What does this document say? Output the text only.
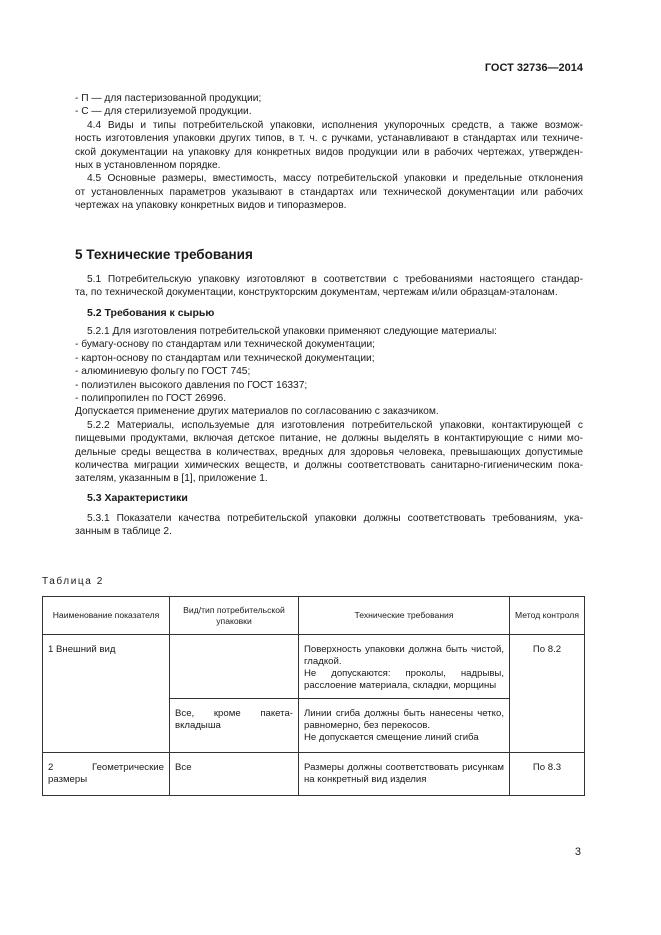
ГОСТ 32736—2014
- П — для пастеризованной продукции;
- С — для стерилизуемой продукции.
4.4 Виды и типы потребительской упаковки, исполнения укупорочных средств, а также возмож-
ность изготовления упаковки других типов, в т. ч. с ручками, устанавливают в стандартах или техниче-
ской документации на упаковку для конкретных видов продукции или в рабочих чертежах, утвержден-
ных в установленном порядке.
4.5 Основные размеры, вместимость, массу потребительской упаковки и предельные отклонения
от установленных параметров указывают в стандартах или технической документации или рабочих
чертежах на упаковку конкретных видов и типоразмеров.
5 Технические требования
5.1 Потребительскую упаковку изготовляют в соответствии с требованиями настоящего стандар-
та, по технической документации, конструкторским документам, чертежам и/или образцам-эталонам.
5.2 Требования к сырью
5.2.1 Для изготовления потребительской упаковки применяют следующие материалы:
- бумагу-основу по стандартам или технической документации;
- картон-основу по стандартам или технической документации;
- алюминиевую фольгу по ГОСТ 745;
- полиэтилен высокого давления по ГОСТ 16337;
- полипропилен по ГОСТ 26996.
Допускается применение других материалов по согласованию с заказчиком.
5.2.2 Материалы, используемые для изготовления потребительской упаковки, контактирующей с
пищевыми продуктами, включая детское питание, не должны выделять в контактирующие с ними мо-
дельные среды вещества в количествах, вредных для здоровья человека, превышающих допустимые
количества миграции химических веществ, и должны соответствовать санитарно-гигиеническим пока-
зателям, указанным в [1], приложение 1.
5.3 Характеристики
5.3.1 Показатели качества потребительской упаковки должны соответствовать требованиям, ука-
занным в таблице 2.
Таблица 2
Наименование показателя	Вид/тип потребительской упаковки	Технические требования	Метод контроля
1 Внешний вид		Поверхность упаковки должна быть чистой, гладкой.
Не допускаются: проколы, надрывы, расслоение материала, складки, морщины	По 8.2
	Все, кроме пакета-вкладыша	Линии сгиба должны быть нанесены четко, равномерно, без перекосов.
Не допускается смещение линий сгиба	

2 Геометрические размеры	Все	Размеры должны соответствовать рисункам на конкретный вид изделия	По 8.3
3
